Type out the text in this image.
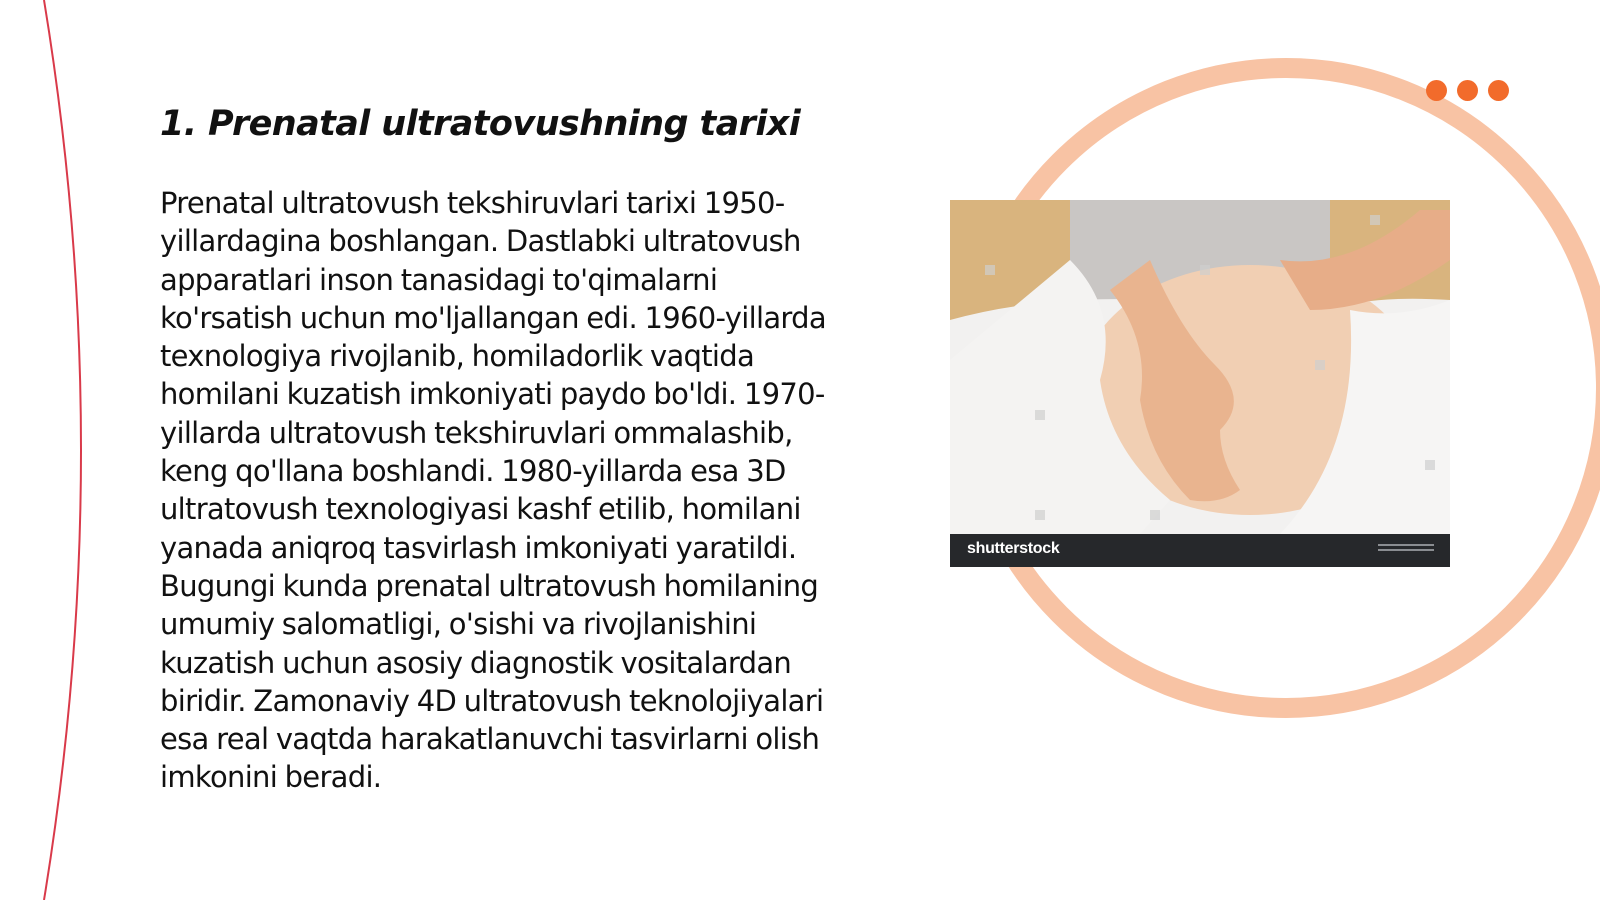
1. Prenatal ultratovushning tarixi

Prenatal ultratovush tekshiruvlari tarixi 1950-yillardagina boshlangan. Dastlabki ultratovush apparatlari inson tanasidagi to'qimalarni ko'rsatish uchun mo'ljallangan edi. 1960-yillarda texnologiya rivojlanib, homiladorlik vaqtida homilani kuzatish imkoniyati paydo bo'ldi. 1970-yillarda ultratovush tekshiruvlari ommalashib, keng qo'llana boshlandi. 1980-yillarda esa 3D ultratovush texnologiyasi kashf etilib, homilani yanada aniqroq tasvirlash imkoniyati yaratildi. Bugungi kunda prenatal ultratovush homilaning umumiy salomatligi, o'sishi va rivojlanishini kuzatish uchun asosiy diagnostik vositalardan biridir. Zamonaviy 4D ultratovush teknolojiyalari esa real vaqtda harakatlanuvchi tasvirlarni olish imkonini beradi.

shutterstock
